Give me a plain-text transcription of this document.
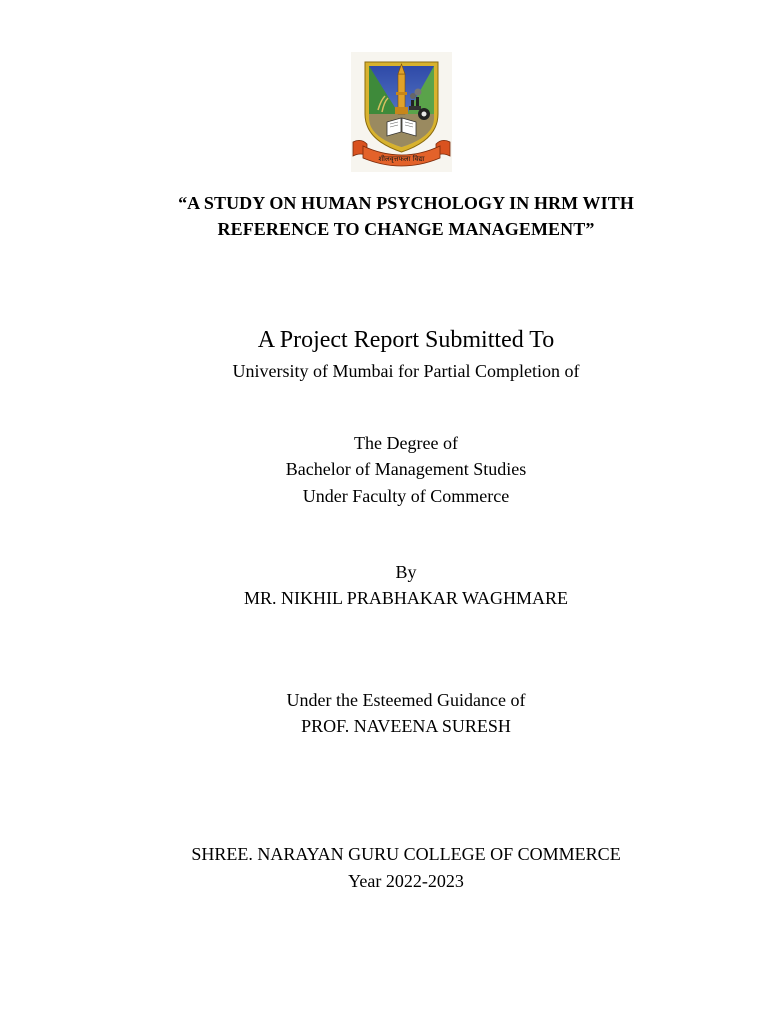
शीलवृत्तफला विद्या
“A STUDY ON HUMAN PSYCHOLOGY IN HRM WITH
REFERENCE TO CHANGE MANAGEMENT”
A Project Report Submitted To
University of Mumbai for Partial Completion of
The Degree of
Bachelor of Management Studies
Under Faculty of Commerce
By
MR. NIKHIL PRABHAKAR WAGHMARE
Under the Esteemed Guidance of
PROF. NAVEENA SURESH
SHREE. NARAYAN GURU COLLEGE OF COMMERCE
Year 2022-2023
